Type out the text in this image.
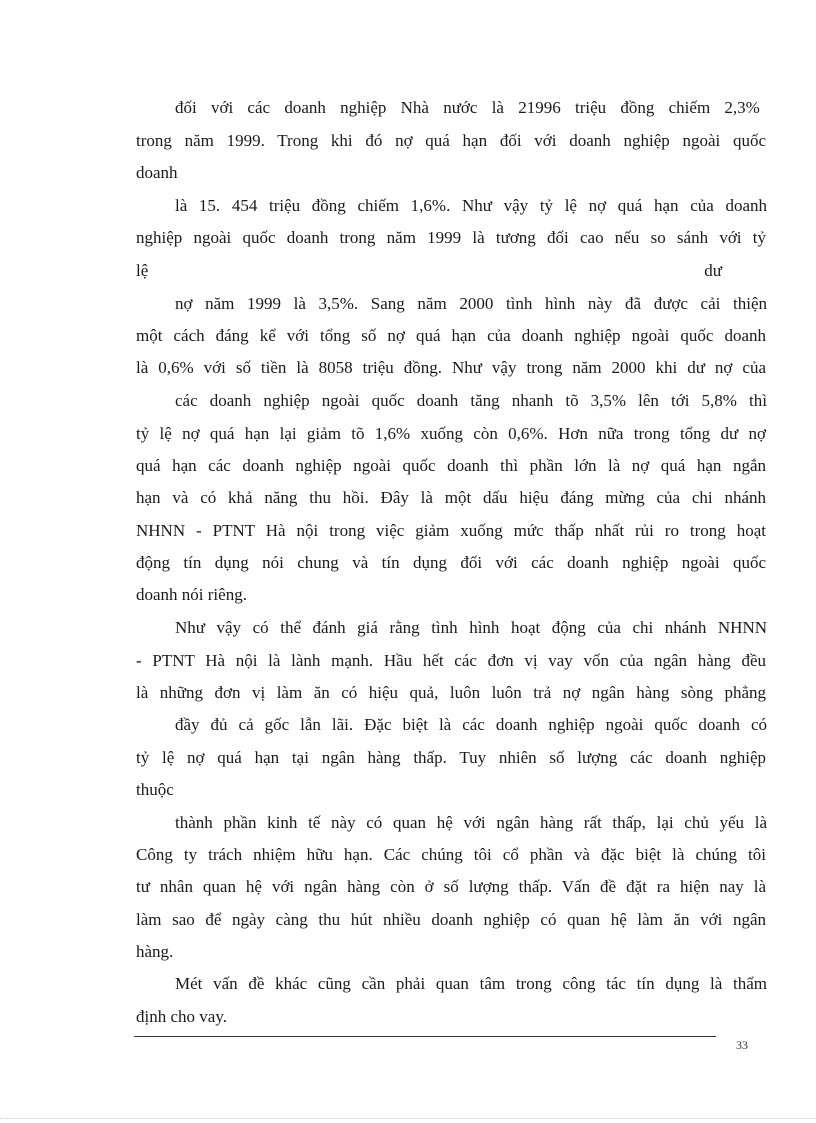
đối với các doanh nghiệp Nhà nước là 21996 triệu đồng chiếm 2,3%
trong năm 1999. Trong khi đó nợ quá hạn đối với doanh nghiệp ngoài quốc
doanh
là 15. 454 triệu đồng chiếm 1,6%. Như vậy tỷ lệ nợ quá hạn của doanh
nghiệp ngoài quốc doanh trong năm 1999 là tương đối cao nếu so sánh với tỷ
lệ	dư
nợ năm 1999 là 3,5%. Sang năm 2000 tình hình này đã được cải thiện
một cách đáng kể với tổng số nợ quá hạn của doanh nghiệp ngoài quốc doanh
là 0,6% với số tiền là 8058 triệu đồng. Như vậy trong năm 2000 khi dư nợ của
các doanh nghiệp ngoài quốc doanh tăng nhanh tõ 3,5% lên tới 5,8% thì
tỷ lệ nợ quá hạn lại giảm tõ 1,6% xuống còn 0,6%. Hơn nữa trong tổng dư nợ
quá hạn các doanh nghiệp ngoài quốc doanh thì phần lớn là nợ quá hạn ngắn
hạn và có khả năng thu hồi. Đây là một dấu hiệu đáng mừng của chi nhánh
NHNN - PTNT Hà nội trong việc giảm xuống mức thấp nhất rủi ro trong hoạt
động tín dụng nói chung và tín dụng đối với các doanh nghiệp ngoài quốc
doanh nói riêng.
Như vậy có thể đánh giá rằng tình hình hoạt động của chi nhánh NHNN
- PTNT Hà nội là lành mạnh. Hầu hết các đơn vị vay vốn của ngân hàng đều
là những đơn vị làm ăn có hiệu quả, luôn luôn trả nợ ngân hàng sòng phẳng
đầy đủ cả gốc lẫn lãi. Đặc biệt là các doanh nghiệp ngoài quốc doanh có
tỷ lệ nợ quá hạn tại ngân hàng thấp. Tuy nhiên số lượng các doanh nghiệp
thuộc
thành phần kinh tế này có quan hệ với ngân hàng rất thấp, lại chủ yếu là
Công ty trách nhiệm hữu hạn. Các chúng tôi cổ phần và đặc biệt là chúng tôi
tư nhân quan hệ với ngân hàng còn ở số lượng thấp. Vấn đề đặt ra hiện nay là
làm sao để ngày càng thu hút nhiều doanh nghiệp có quan hệ làm ăn với ngân
hàng.
Mét vấn đề khác cũng cần phải quan tâm trong công tác tín dụng là thẩm
định cho vay.
33
